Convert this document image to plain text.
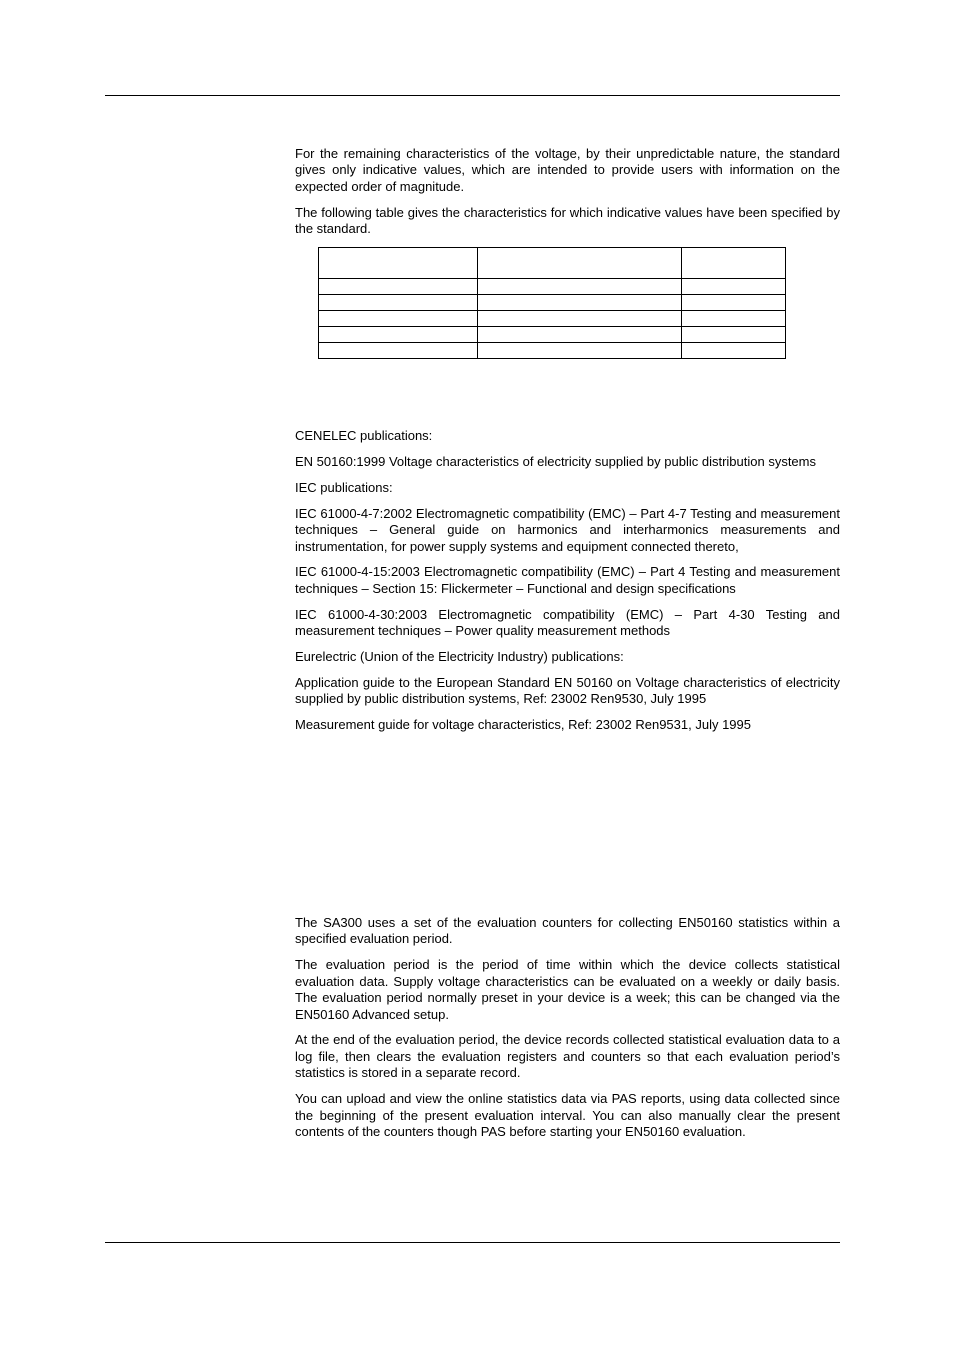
For the remaining characteristics of the voltage, by their unpredictable nature, the standard gives only indicative values, which are intended to provide users with information on the expected order of magnitude.

The following table gives the characteristics for which indicative values have been specified by the standard.

CENELEC publications:

EN 50160:1999 Voltage characteristics of electricity supplied by public distribution systems

IEC publications:

IEC 61000-4-7:2002 Electromagnetic compatibility (EMC) – Part 4-7 Testing and measurement techniques – General guide on harmonics and interharmonics measurements and instrumentation, for power supply systems and equipment connected thereto,

IEC 61000-4-15:2003 Electromagnetic compatibility (EMC) – Part 4 Testing and measurement techniques – Section 15: Flickermeter – Functional and design specifications

IEC 61000-4-30:2003 Electromagnetic compatibility (EMC) – Part 4-30 Testing and measurement techniques – Power quality measurement methods

Eurelectric (Union of the Electricity Industry) publications:

Application guide to the European Standard EN 50160 on Voltage characteristics of electricity supplied by public distribution systems, Ref: 23002 Ren9530, July 1995

Measurement guide for voltage characteristics, Ref: 23002 Ren9531, July 1995

The SA300 uses a set of the evaluation counters for collecting EN50160 statistics within a specified evaluation period.

The evaluation period is the period of time within which the device collects statistical evaluation data. Supply voltage characteristics can be evaluated on a weekly or daily basis. The evaluation period normally preset in your device is a week; this can be changed via the EN50160 Advanced setup.

At the end of the evaluation period, the device records collected statistical evaluation data to a log file, then clears the evaluation registers and counters so that each evaluation period’s statistics is stored in a separate record.

You can upload and view the online statistics data via PAS reports, using data collected since the beginning of the present evaluation interval. You can also manually clear the present contents of the counters though PAS before starting your EN50160 evaluation.
